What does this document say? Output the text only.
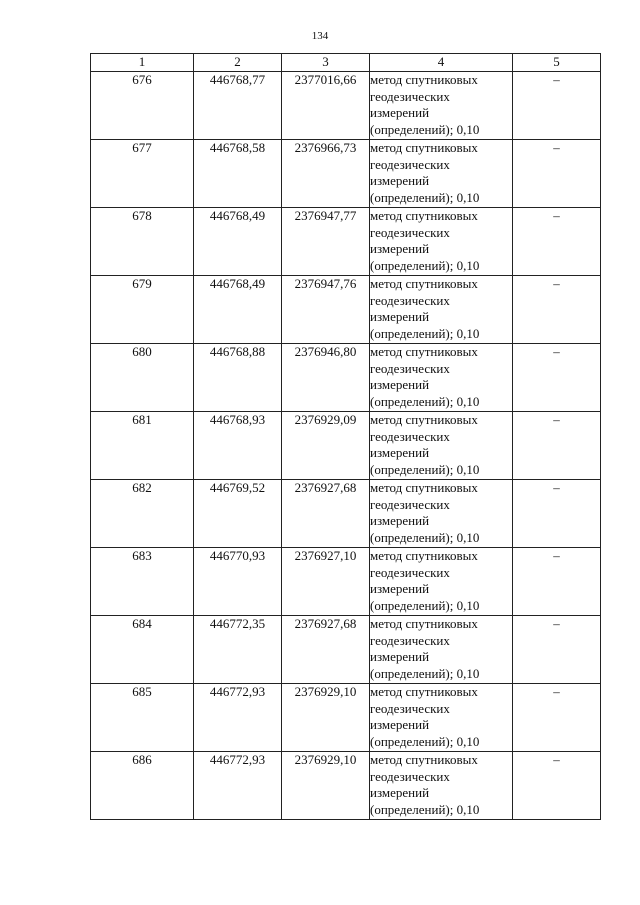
134
1	2	3	4	5
676	446768,77	2377016,66	метод спутниковых геодезических измерений (определений); 0,10	–
677	446768,58	2376966,73	метод спутниковых геодезических измерений (определений); 0,10	–
678	446768,49	2376947,77	метод спутниковых геодезических измерений (определений); 0,10	–
679	446768,49	2376947,76	метод спутниковых геодезических измерений (определений); 0,10	–
680	446768,88	2376946,80	метод спутниковых геодезических измерений (определений); 0,10	–
681	446768,93	2376929,09	метод спутниковых геодезических измерений (определений); 0,10	–
682	446769,52	2376927,68	метод спутниковых геодезических измерений (определений); 0,10	–
683	446770,93	2376927,10	метод спутниковых геодезических измерений (определений); 0,10	–
684	446772,35	2376927,68	метод спутниковых геодезических измерений (определений); 0,10	–
685	446772,93	2376929,10	метод спутниковых геодезических измерений (определений); 0,10	–
686	446772,93	2376929,10	метод спутниковых геодезических измерений (определений); 0,10	–
